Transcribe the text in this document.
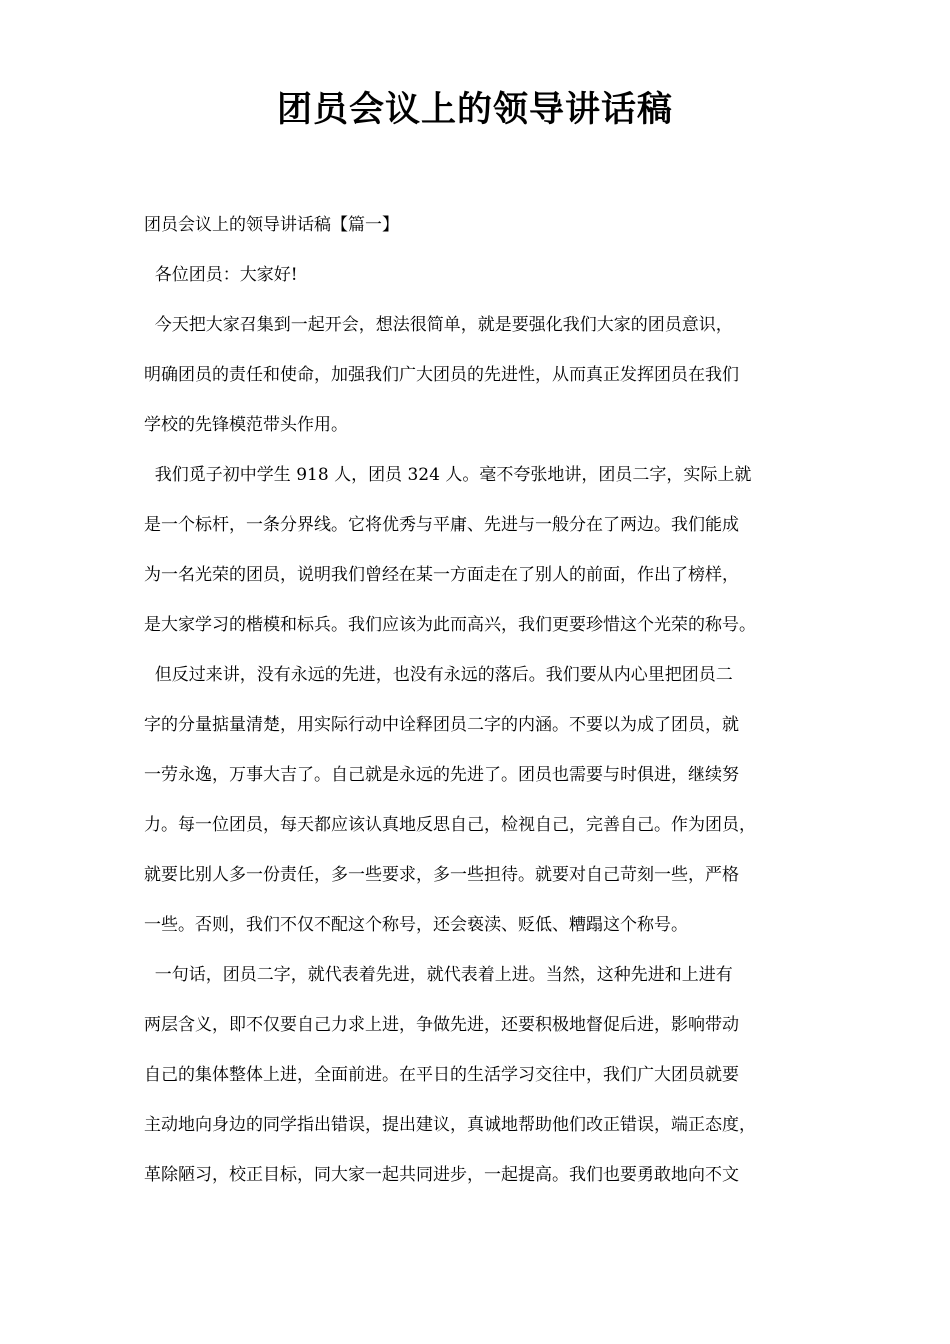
团员会议上的领导讲话稿

团员会议上的领导讲话稿【篇一】

各位团员：大家好!

今天把大家召集到一起开会，想法很简单，就是要强化我们大家的团员意识，

明确团员的责任和使命，加强我们广大团员的先进性，从而真正发挥团员在我们

学校的先锋模范带头作用。

我们觅子初中学生 918 人，团员 324 人。毫不夸张地讲，团员二字，实际上就

是一个标杆，一条分界线。它将优秀与平庸、先进与一般分在了两边。我们能成

为一名光荣的团员，说明我们曾经在某一方面走在了别人的前面，作出了榜样，

是大家学习的楷模和标兵。我们应该为此而高兴，我们更要珍惜这个光荣的称号。

但反过来讲，没有永远的先进，也没有永远的落后。我们要从内心里把团员二

字的分量掂量清楚，用实际行动中诠释团员二字的内涵。不要以为成了团员，就

一劳永逸，万事大吉了。自己就是永远的先进了。团员也需要与时俱进，继续努

力。每一位团员，每天都应该认真地反思自己，检视自己，完善自己。作为团员，

就要比别人多一份责任，多一些要求，多一些担待。就要对自己苛刻一些，严格

一些。否则，我们不仅不配这个称号，还会亵渎、贬低、糟蹋这个称号。

一句话，团员二字，就代表着先进，就代表着上进。当然，这种先进和上进有

两层含义，即不仅要自己力求上进，争做先进，还要积极地督促后进，影响带动

自己的集体整体上进，全面前进。在平日的生活学习交往中，我们广大团员就要

主动地向身边的同学指出错误，提出建议，真诚地帮助他们改正错误，端正态度，

革除陋习，校正目标，同大家一起共同进步，一起提高。我们也要勇敢地向不文
